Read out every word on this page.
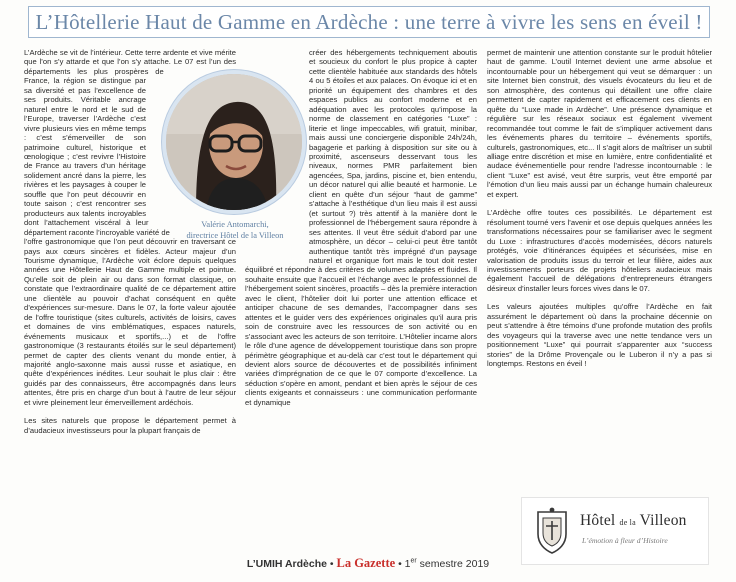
L’Hôtellerie Haut de Gamme en Ardèche : une terre à vivre les sens en éveil !

L’Ardèche se vit de l’intérieur. Cette terre ardente et vive mérite que l’on s’y attarde et que l’on s’y attache. Le 07 est l’un des départements les plus prospères de France, la région se distingue par sa diversité et pas l’excellence de ses produits. Véritable ancrage naturel entre le nord et le sud de l’Europe, traverser l’Ardèche c’est vivre plusieurs vies en même temps : c’est s’émerveiller de son patrimoine culturel, historique et œnologique ; c’est revivre l’Histoire de France au travers d’un héritage solidement ancré dans la pierre, les rivières et les paysages à couper le souffle que l’on peut découvrir en toute saison ; c’est rencontrer ses producteurs aux talents incroyables dont l’attachement viscéral à leur département raconte l’incroyable variété de l’offre gastronomique que l’on peut découvrir en traversant ce pays aux cœurs sincères et fidèles. Acteur majeur d’un Tourisme dynamique, l’Ardèche voit éclore depuis quelques années une Hôtellerie Haut de Gamme multiple et pointue. Qu’elle soit de plein air ou dans son format classique, on constate que l’extraordinaire qualité de ce département attire une clientèle au pouvoir d’achat conséquent en quête d’expériences sur-mesure. Dans le 07, la forte valeur ajoutée de l’offre touristique (sites culturels, activités de loisirs, caves et domaines de vins emblématiques, espaces naturels, événements musicaux et sportifs,...) et de l’offre gastronomique (3 restaurants étoilés sur le seul département) permet de capter des clients venant du monde entier, à majorité anglo-saxonne mais aussi russe et asiatique, en quête d’expériences inédites. Leur souhait le plus clair : être guidés par des connaisseurs, être accompagnés dans leurs attentes, être pris en charge d’un bout à l’autre de leur séjour et vivre pleinement leur émerveillement ardéchois.

Les sites naturels que propose le département permet à d’audacieux investisseurs pour la plupart français de

créer des hébergements techniquement aboutis et soucieux du confort le plus propice à capter cette clientèle habituée aux standards des hôtels 4 ou 5 étoiles et aux palaces. On évoque ici et en priorité un équipement des chambres et des espaces publics au confort moderne et en adéquation avec les protocoles qu’impose la norme de classement en catégories “Luxe” : literie et linge impeccables, wifi gratuit, minibar, mais aussi une conciergerie disponible 24h/24h, bagagerie et parking à disposition sur site ou à proximité, ascenseurs desservant tous les niveaux, normes PMR parfaitement bien agencées, Spa, jardins, piscine et, bien entendu, un décor naturel qui allie beauté et harmonie. Le client en quête d’un séjour “haut de gamme” s’attache à l’esthétique d’un lieu mais il est aussi (et surtout ?) très attentif à la manière dont le professionnel de l’hébergement saura répondre à ses attentes. Il veut être séduit d’abord par une atmosphère, un décor – celui-ci peut être tantôt authentique tantôt très imprégné d’un paysage naturel et organique fort mais le tout doit rester équilibré et répondre à des critères de volumes adaptés et fluides. Il souhaite ensuite que l’accueil et l’échange avec le professionnel de l’hébergement soient sincères, proactifs – dès la première interaction avec le client, l’hôtelier doit lui porter une attention efficace et anticiper chacune de ses demandes, l’accompagner dans ses attentes et le guider vers des expériences originales qu’il aura pris soin de construire avec les ressources de son activité ou en s’associant avec les acteurs de son territoire. L’Hôtelier incarne alors le rôle d’une agence de développement touristique dans son propre périmètre géographique et au-delà car c’est tout le département qui devient alors source de découvertes et de possibilités infiniment variées d’imprégnation de ce que le 07 comporte d’excellence. La séduction s’opère en amont, pendant et bien après le séjour de ces clients exigeants et connaisseurs : une communication performante et dynamique

permet de maintenir une attention constante sur le produit hôtelier haut de gamme. L’outil Internet devient une arme absolue et incontournable pour un hébergement qui veut se démarquer : un site Internet bien construit, des visuels évocateurs du lieu et de son atmosphère, des contenus qui détaillent une offre claire permettent de capter rapidement et efficacement ces clients en quête du “Luxe made in Ardèche”. Une présence dynamique et régulière sur les réseaux sociaux est également vivement recommandée tout comme le fait de s’impliquer activement dans les événements phares du territoire – événements sportifs, culturels, gastronomiques, etc... Il s’agit alors de maîtriser un subtil alliage entre discrétion et mise en lumière, entre confidentialité et audace événementielle pour rendre l’adresse incontournable : le client “Luxe” est avisé, veut être surpris, veut être emporté par l’émotion d’un lieu mais aussi par un échange humain chaleureux et expert.

L’Ardèche offre toutes ces possibilités. Le département est résolument tourné vers l’avenir et ose depuis quelques années les transformations nécessaires pour se familiariser avec le segment du Luxe : infrastructures d’accès modernisées, décors naturels protégés, voie d’itinérances équipées et sécurisées, mise en valorisation de produits issus du terroir et leur filière, aides aux investissements porteurs de projets hôteliers audacieux mais également l’accueil de délégations d’entrepreneurs étrangers désireux d’installer leurs forces vives dans le 07.

Les valeurs ajoutées multiples qu’offre l’Ardèche en fait assurément le département où dans la prochaine décennie on peut s’attendre à être témoins d’une profonde mutation des profils des voyageurs qui la traverse avec une nette tendance vers un positionnement “Luxe” qui pourrait s’apparenter aux “success stories” de la Drôme Provençale ou le Luberon il n’y a pas si longtemps. Restons en éveil !

Valérie Antomarchi,
directrice Hôtel de la Villeon
Hôtel de la Villeon
L’émotion à fleur d’Histoire
L’UMIH Ardèche • La Gazette • 1er semestre 2019
